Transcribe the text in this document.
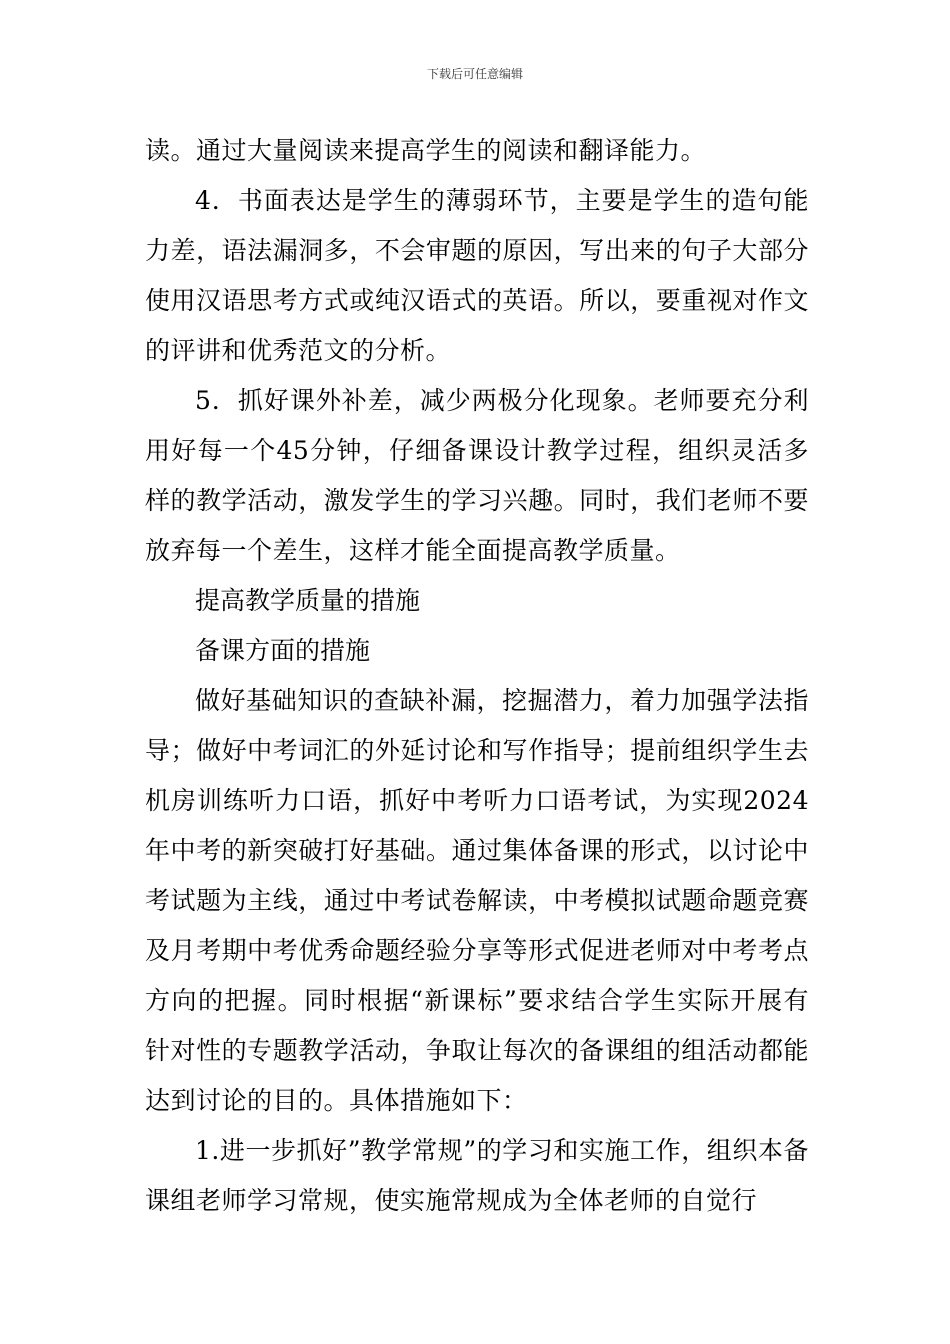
下载后可任意编辑

读。通过大量阅读来提高学生的阅读和翻译能力。

4．书面表达是学生的薄弱环节，主要是学生的造句能力差，语法漏洞多，不会审题的原因，写出来的句子大部分使用汉语思考方式或纯汉语式的英语。所以，要重视对作文的评讲和优秀范文的分析。

5．抓好课外补差，减少两极分化现象。老师要充分利用好每一个45分钟，仔细备课设计教学过程，组织灵活多样的教学活动，激发学生的学习兴趣。同时，我们老师不要放弃每一个差生，这样才能全面提高教学质量。

提高教学质量的措施

备课方面的措施

做好基础知识的查缺补漏，挖掘潜力，着力加强学法指导；做好中考词汇的外延讨论和写作指导；提前组织学生去机房训练听力口语，抓好中考听力口语考试，为实现2024年中考的新突破打好基础。通过集体备课的形式，以讨论中考试题为主线，通过中考试卷解读，中考模拟试题命题竞赛及月考期中考优秀命题经验分享等形式促进老师对中考考点方向的把握。同时根据“新课标”要求结合学生实际开展有针对性的专题教学活动，争取让每次的备课组的组活动都能达到讨论的目的。具体措施如下：

1.进一步抓好”教学常规”的学习和实施工作，组织本备课组老师学习常规，使实施常规成为全体老师的自觉行
